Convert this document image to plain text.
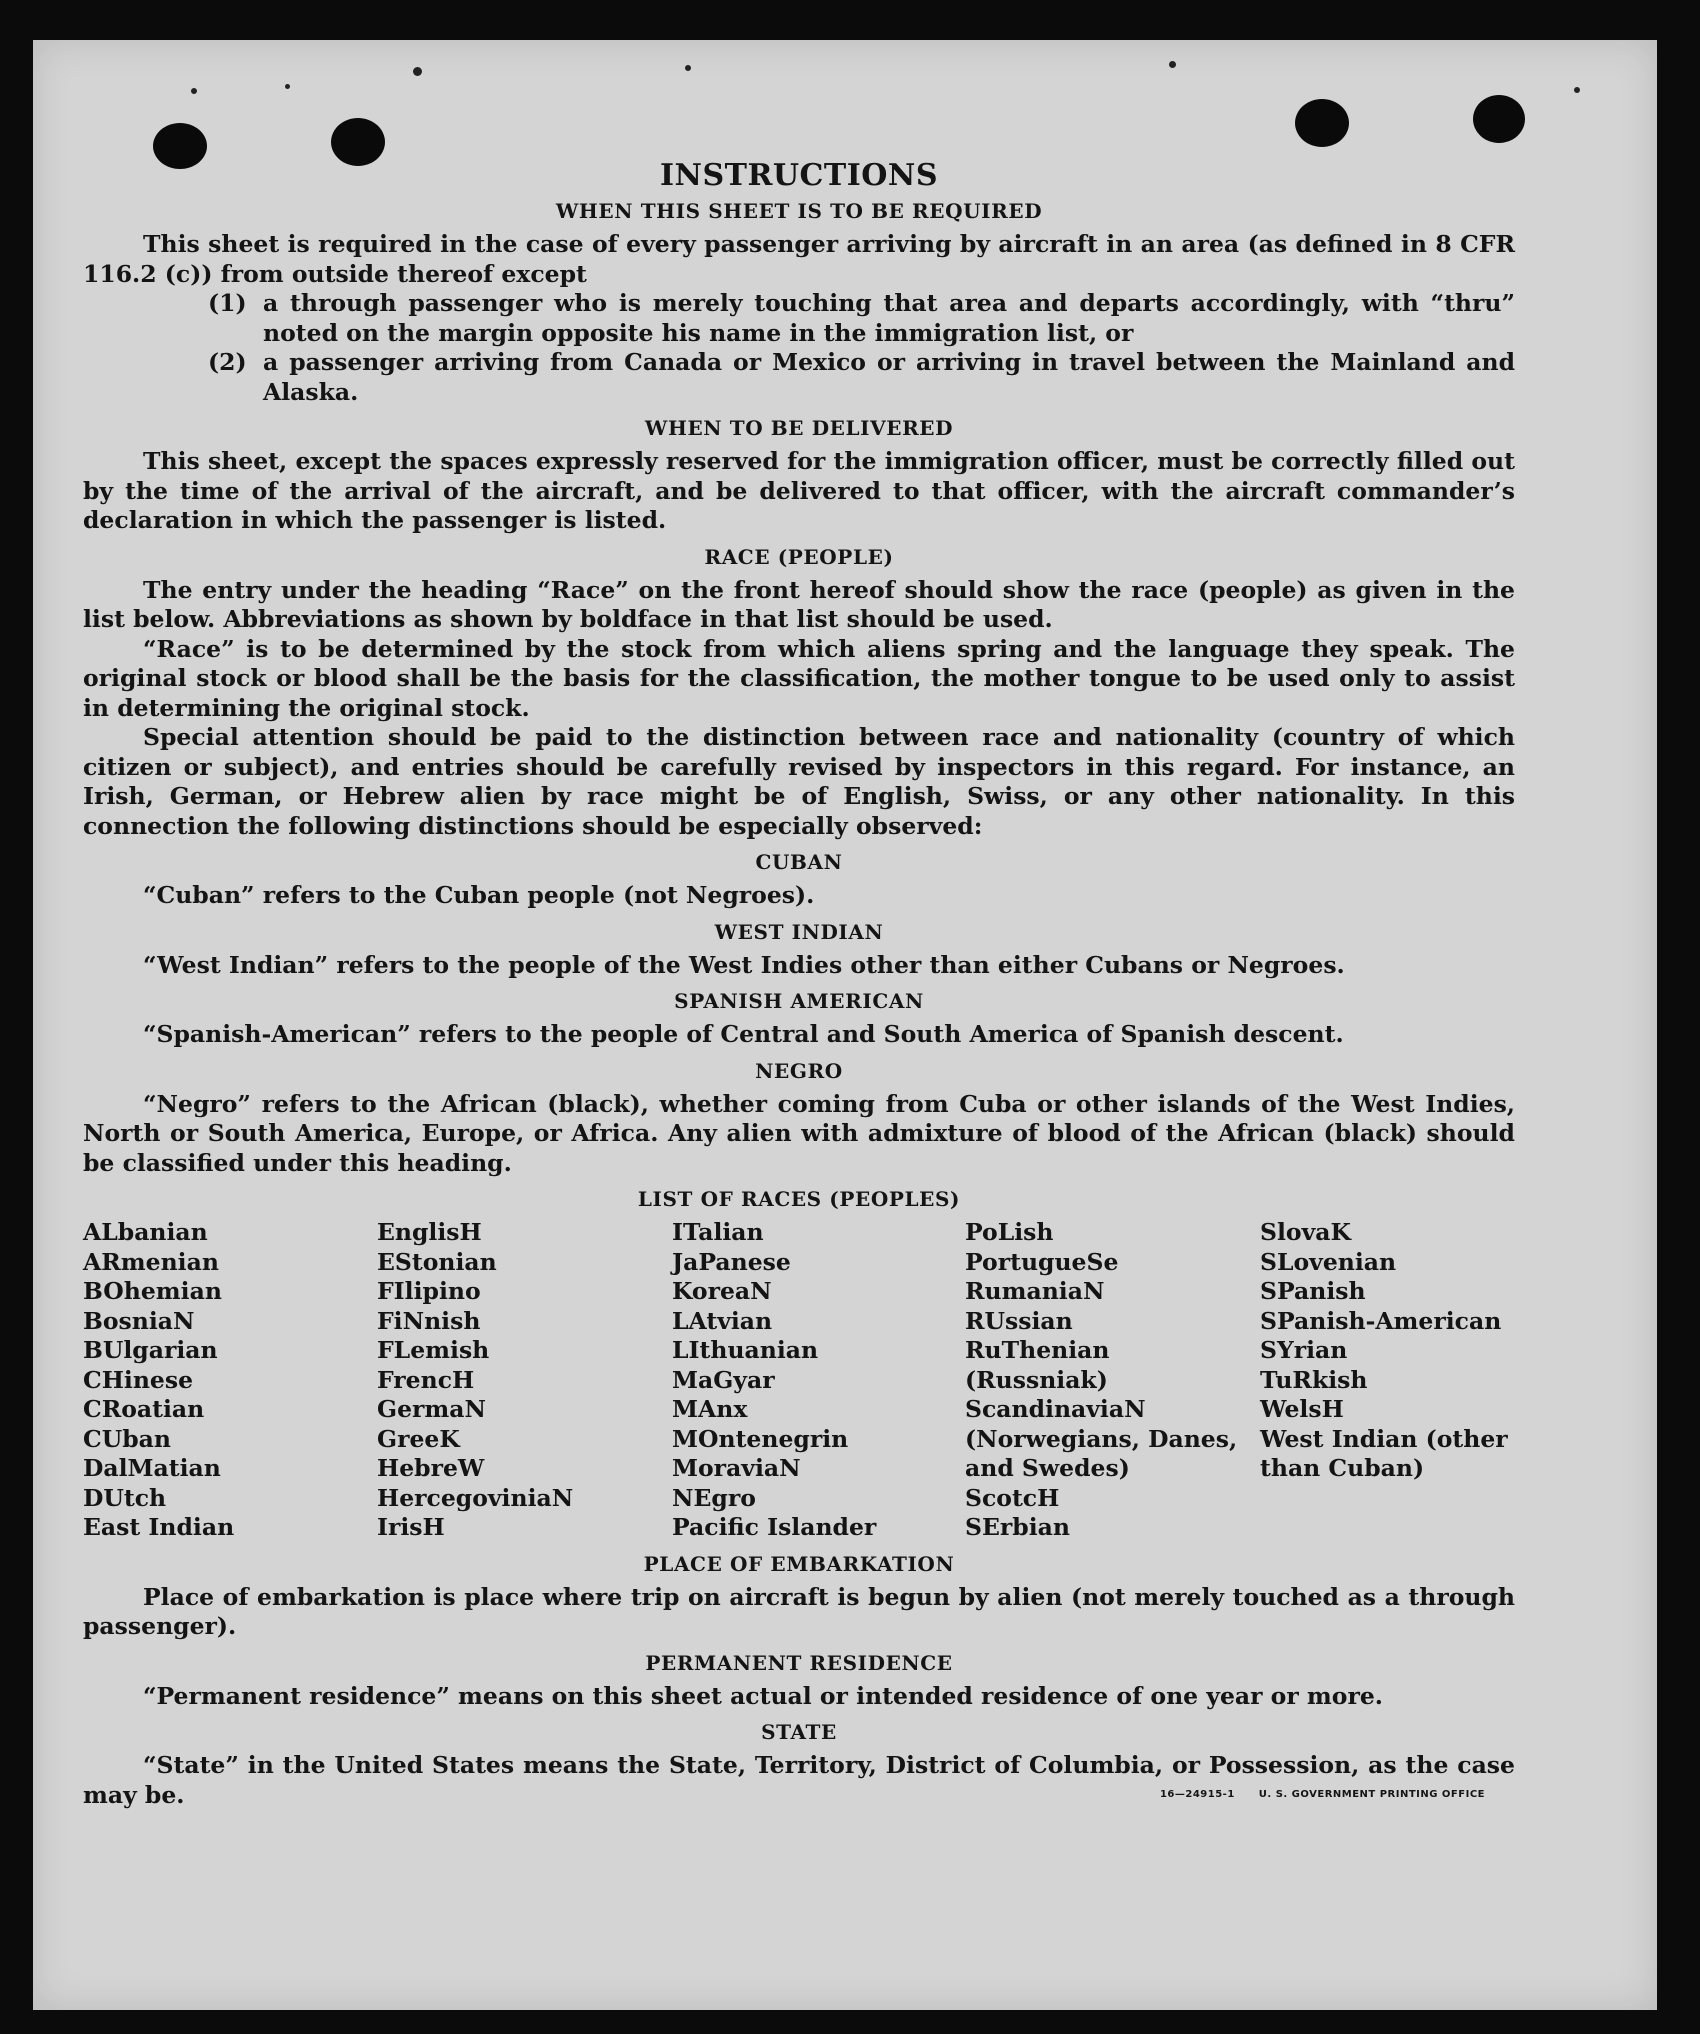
INSTRUCTIONS
WHEN THIS SHEET IS TO BE REQUIRED

This sheet is required in the case of every passenger arriving by aircraft in an area (as defined in 8 CFR 116.2 (c)) from outside thereof except

(1) a through passenger who is merely touching that area and departs accordingly, with “thru” noted on the margin opposite his name in the immigration list, or
(2) a passenger arriving from Canada or Mexico or arriving in travel between the Mainland and Alaska.
WHEN TO BE DELIVERED

This sheet, except the spaces expressly reserved for the immigration officer, must be correctly filled out by the time of the arrival of the aircraft, and be delivered to that officer, with the aircraft commander’s declaration in which the passenger is listed.

RACE (PEOPLE)

The entry under the heading “Race” on the front hereof should show the race (people) as given in the list below. Abbreviations as shown by boldface in that list should be used.

“Race” is to be determined by the stock from which aliens spring and the language they speak. The original stock or blood shall be the basis for the classification, the mother tongue to be used only to assist in determining the original stock.

Special attention should be paid to the distinction between race and nationality (country of which citizen or subject), and entries should be carefully revised by inspectors in this regard. For instance, an Irish, German, or Hebrew alien by race might be of English, Swiss, or any other nationality. In this connection the following distinctions should be especially observed:

CUBAN

“Cuban” refers to the Cuban people (not Negroes).

WEST INDIAN

“West Indian” refers to the people of the West Indies other than either Cubans or Negroes.

SPANISH AMERICAN

“Spanish-American” refers to the people of Central and South America of Spanish descent.

NEGRO

“Negro” refers to the African (black), whether coming from Cuba or other islands of the West Indies, North or South America, Europe, or Africa. Any alien with admixture of blood of the African (black) should be classified under this heading.

LIST OF RACES (PEOPLES)
ALbanian
ARmenian
BOhemian
BosniaN
BUlgarian
CHinese
CRoatian
CUban
DalMatian
DUtch
East Indian
EnglisH
EStonian
FIlipino
FiNnish
FLemish
FrencH
GermaN
GreeK
HebreW
HercegoviniaN
IrisH
ITalian
JaPanese
KoreaN
LAtvian
LIthuanian
MaGyar
MAnx
MOntenegrin
MoraviaN
NEgro
Pacific Islander
PoLish
PortugueSe
RumaniaN
RUssian
RuThenian (Russniak)
ScandinaviaN (Norwegians, Danes, and Swedes)
ScotcH
SErbian
SlovaK
SLovenian
SPanish
SPanish-American
SYrian
TuRkish
WelsH
West Indian (other than Cuban)
PLACE OF EMBARKATION

Place of embarkation is place where trip on aircraft is begun by alien (not merely touched as a through passenger).

PERMANENT RESIDENCE

“Permanent residence” means on this sheet actual or intended residence of one year or more.

STATE

“State” in the United States means the State, Territory, District of Columbia, or Possession, as the case may be.	16—24915-1 U. S. GOVERNMENT PRINTING OFFICE
